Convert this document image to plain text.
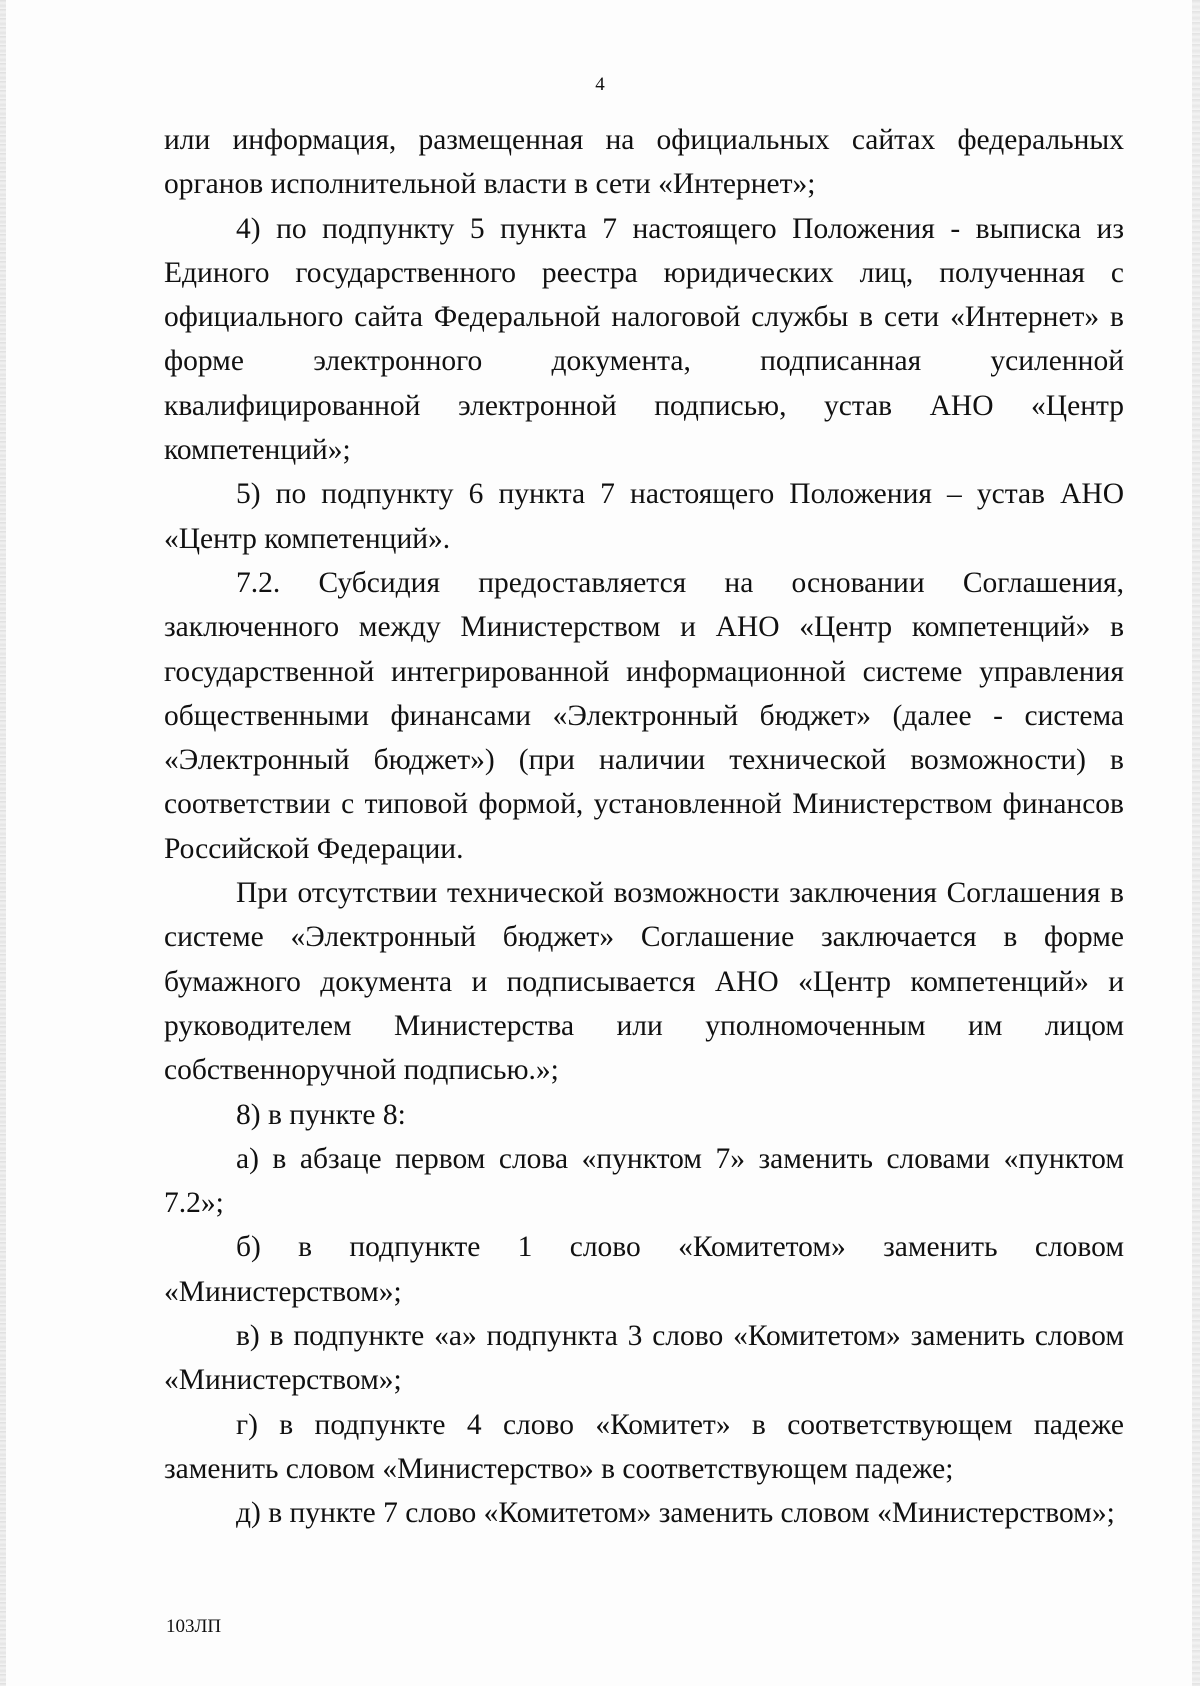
4

или информация, размещенная на официальных сайтах федеральных органов исполнительной власти в сети «Интернет»;

4) по подпункту 5 пункта 7 настоящего Положения - выписка из Единого государственного реестра юридических лиц, полученная с официального сайта Федеральной налоговой службы в сети «Интернет» в форме электронного документа, подписанная усиленной квалифицированной электронной подписью, устав АНО «Центр компетенций»;

5) по подпункту 6 пункта 7 настоящего Положения – устав АНО «Центр компетенций».

7.2. Субсидия предоставляется на основании Соглашения, заключенного между Министерством и АНО «Центр компетенций» в государственной интегрированной информационной системе управления общественными финансами «Электронный бюджет» (далее - система «Электронный бюджет») (при наличии технической возможности) в соответствии с типовой формой, установленной Министерством финансов Российской Федерации.

При отсутствии технической возможности заключения Соглашения в системе «Электронный бюджет» Соглашение заключается в форме бумажного документа и подписывается АНО «Центр компетенций» и руководителем Министерства или уполномоченным им лицом собственноручной подписью.»;

8) в пункте 8:

а) в абзаце первом слова «пунктом 7» заменить словами «пунктом 7.2»;

б) в подпункте 1 слово «Комитетом» заменить словом «Министерством»;

в) в подпункте «а» подпункта 3 слово «Комитетом» заменить словом «Министерством»;

г) в подпункте 4 слово «Комитет» в соответствующем падеже заменить словом «Министерство» в соответствующем падеже;

д) в пункте 7 слово «Комитетом» заменить словом «Министерством»;

103ЛП
